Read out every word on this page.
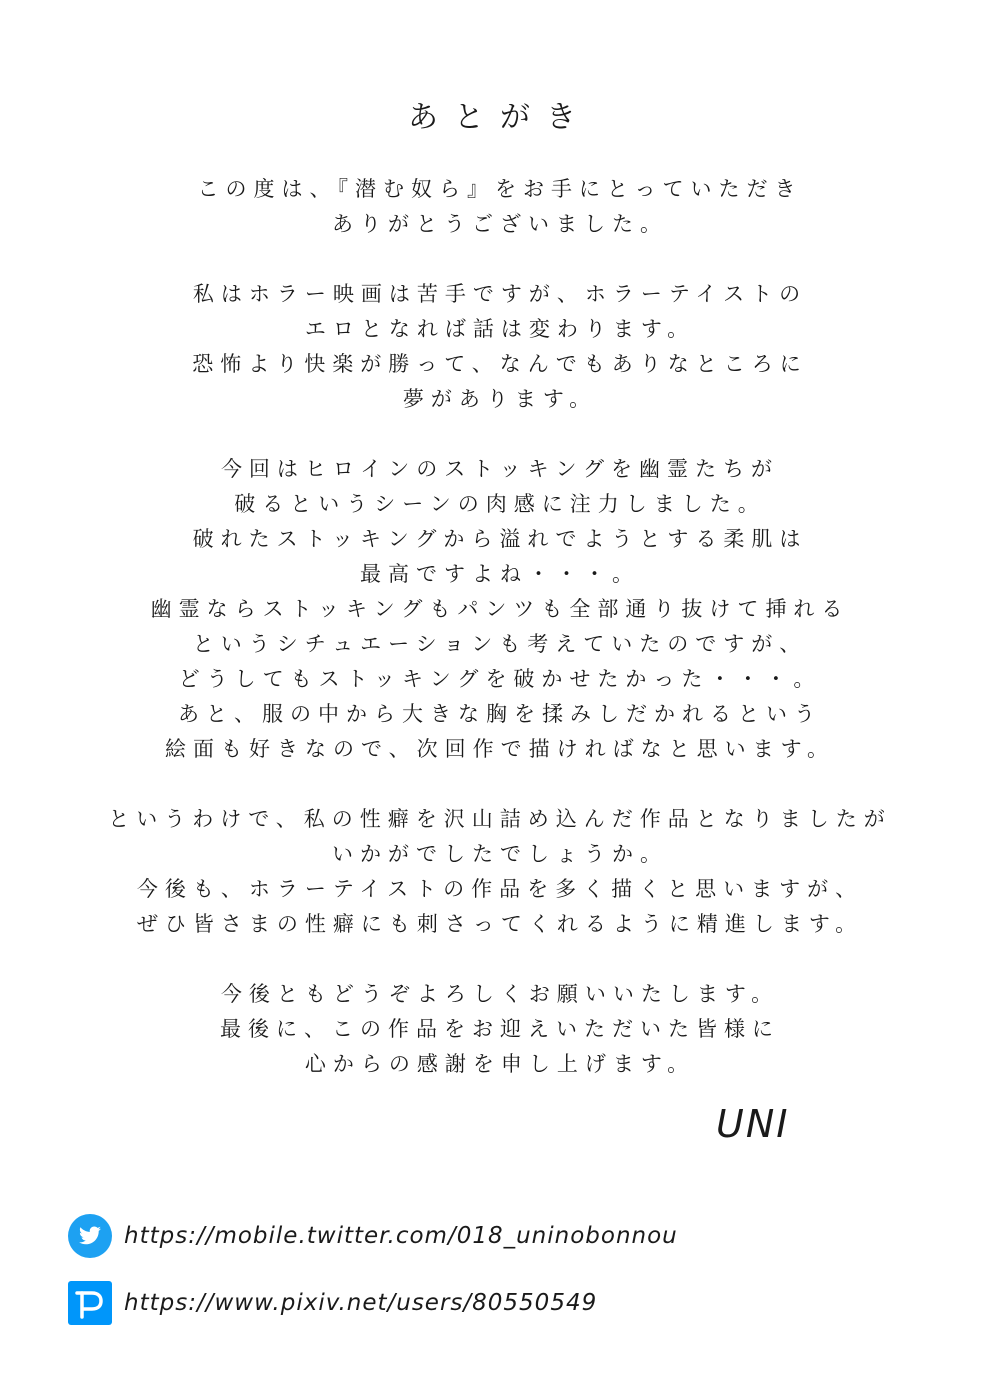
あとがき
この度は、『潜む奴ら』をお手にとっていただき
ありがとうございました。
私はホラー映画は苦手ですが、ホラーテイストの
エロとなれば話は変わります。
恐怖より快楽が勝って、なんでもありなところに
夢があります。
今回はヒロインのストッキングを幽霊たちが
破るというシーンの肉感に注力しました。
破れたストッキングから溢れでようとする柔肌は
最高ですよね・・・。
幽霊ならストッキングもパンツも全部通り抜けて挿れる
というシチュエーションも考えていたのですが、
どうしてもストッキングを破かせたかった・・・。
あと、服の中から大きな胸を揉みしだかれるという
絵面も好きなので、次回作で描ければなと思います。
というわけで、私の性癖を沢山詰め込んだ作品となりましたが
いかがでしたでしょうか。
今後も、ホラーテイストの作品を多く描くと思いますが、
ぜひ皆さまの性癖にも刺さってくれるように精進します。
今後ともどうぞよろしくお願いいたします。
最後に、この作品をお迎えいただいた皆様に
心からの感謝を申し上げます。
UNI
https://mobile.twitter.com/018_uninobonnou
https://www.pixiv.net/users/80550549
